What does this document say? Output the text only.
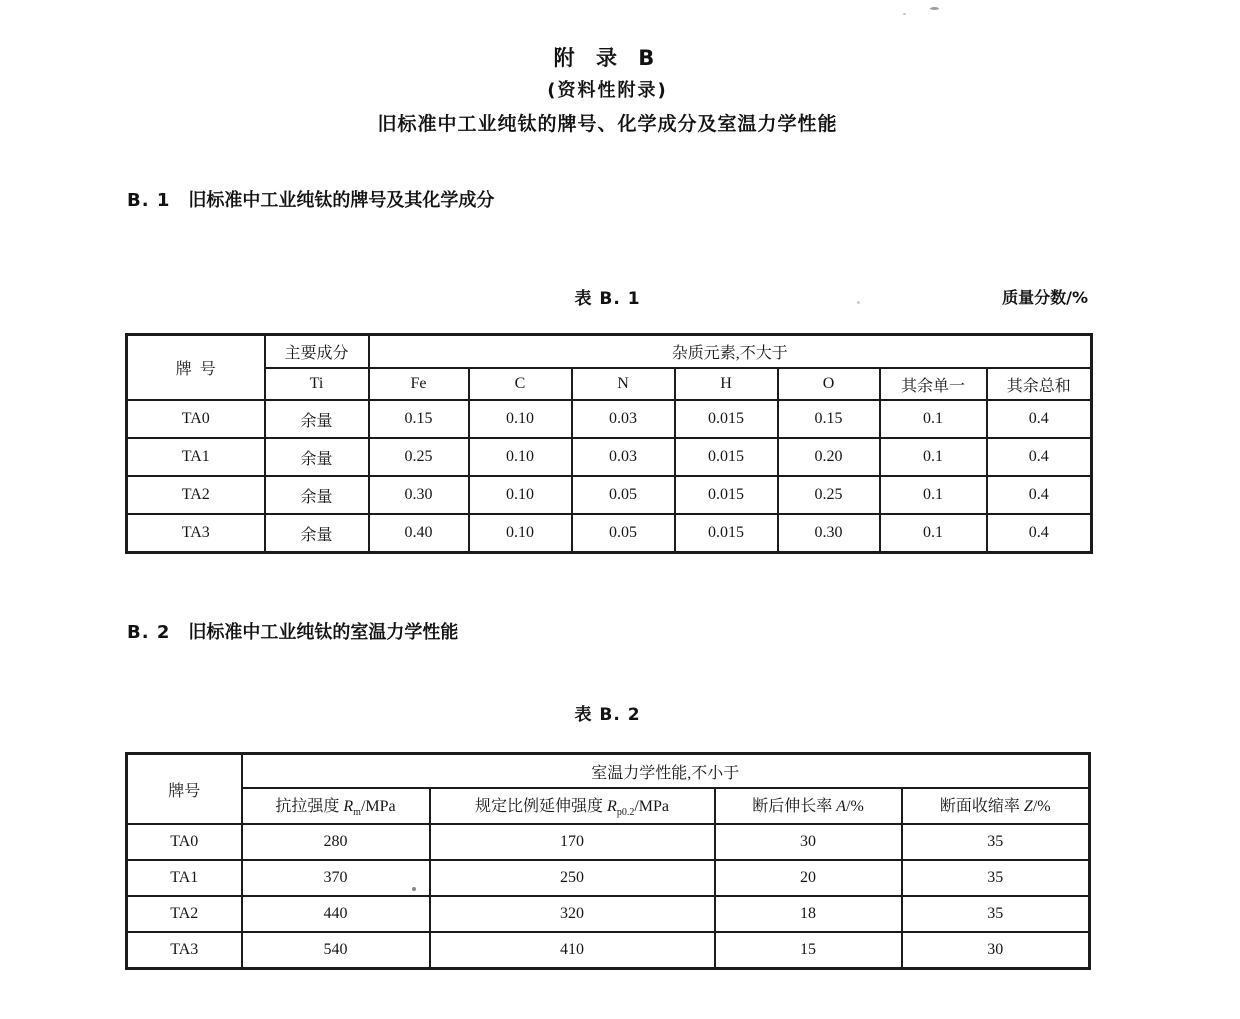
附 录 B
(资料性附录)
旧标准中工业纯钛的牌号、化学成分及室温力学性能
B. 1 旧标准中工业纯钛的牌号及其化学成分
表 B. 1	质量分数/%
牌  号	主要成分	杂质元素,不大于						
	Ti	Fe	C	N	H	O	其余单一	其余总和
TA0	余量	0.15	0.10	0.03	0.015	0.15	0.1	0.4
TA1	余量	0.25	0.10	0.03	0.015	0.20	0.1	0.4
TA2	余量	0.30	0.10	0.05	0.015	0.25	0.1	0.4
TA3	余量	0.40	0.10	0.05	0.015	0.30	0.1	0.4
B. 2 旧标准中工业纯钛的室温力学性能
表 B. 2
牌号	室温力学性能,不小于			
	抗拉强度 $R_m$/MPa	规定比例延伸强度 $R_{p0.2}$/MPa	断后伸长率 A/%	断面收缩率 Z/%
TA0	280	170	30	35
TA1	370	250	20	35
TA2	440	320	18	35
TA3	540	410	15	30
